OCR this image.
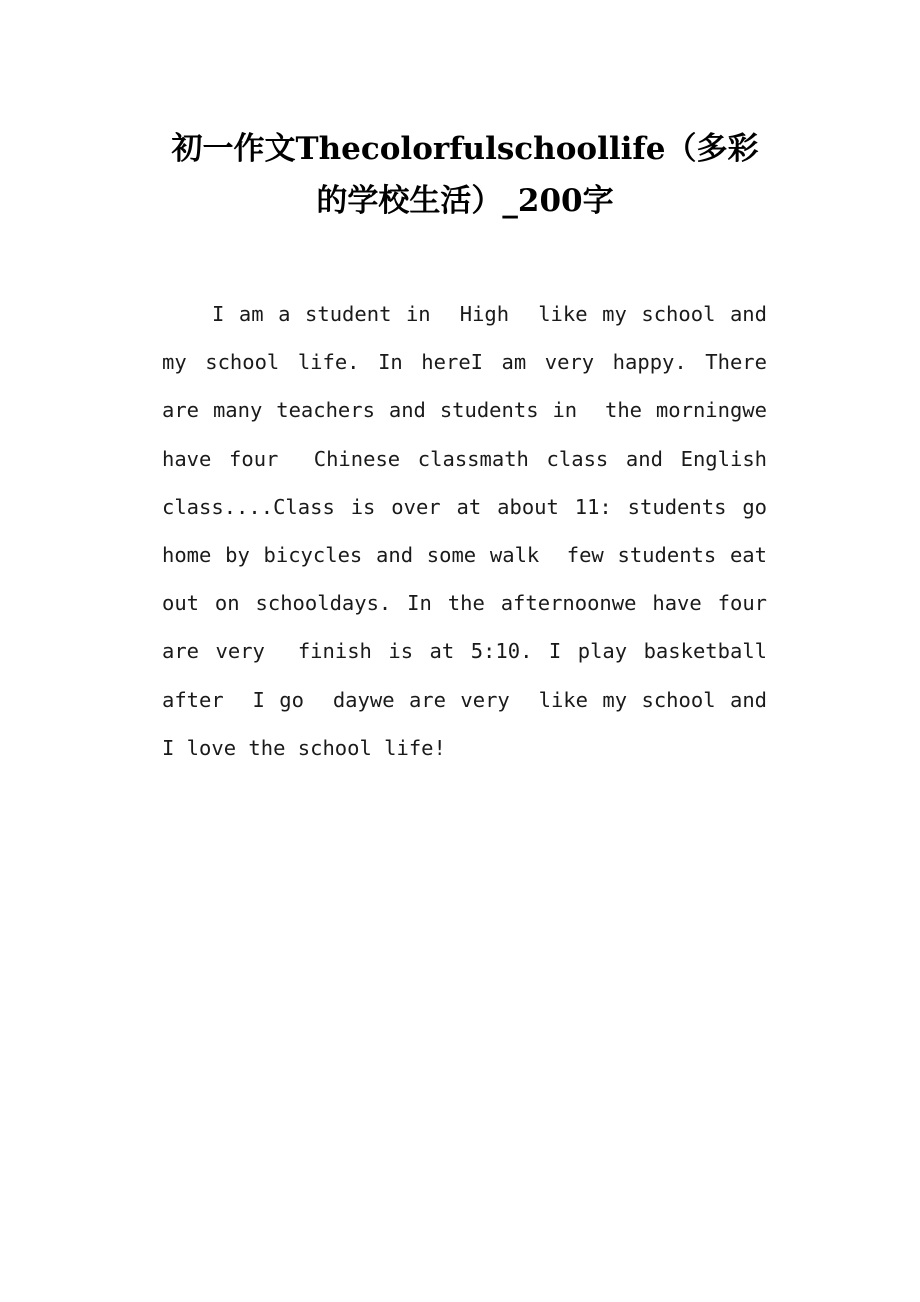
初一作文Thecolorfulschoollife（多彩
的学校生活）_200字
I am a student in  High  like my school and
my school life. In hereI am very happy. There
are many teachers and students in  the morningwe
have four  Chinese classmath class and English
class....Class is over at about 11: students go
home by bicycles and some walk  few students eat
out on schooldays. In the afternoonwe have four
are very  finish is at 5:10. I play basketball
after  I go  daywe are very  like my school and
I love the school life!
